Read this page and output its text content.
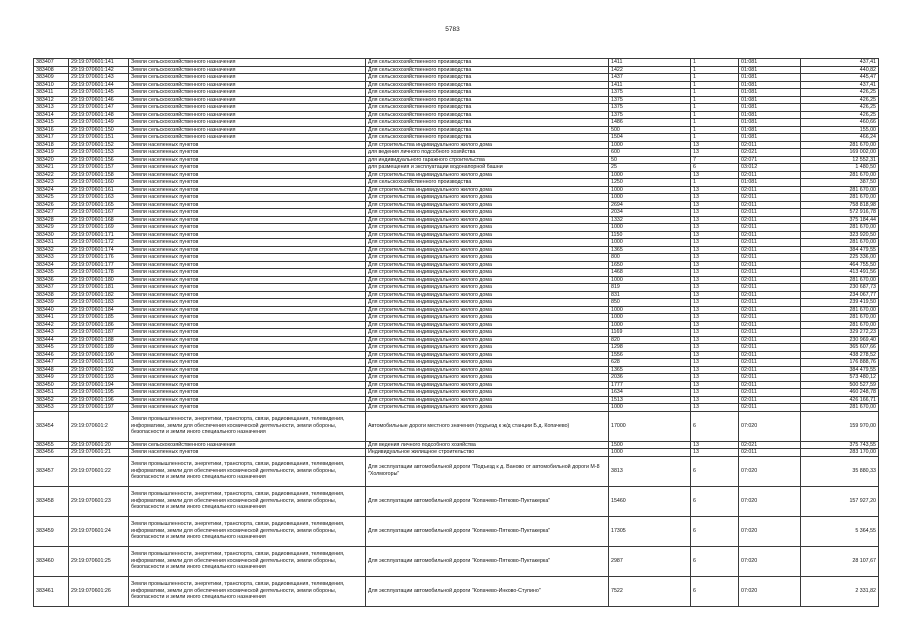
5783
383407	29:19:070601:141	Земли сельскохозяйственного назначения	Для сельскохозяйственного производства	1411	1	01:081	437,41
383408	29:19:070601:142	Земли сельскохозяйственного назначения	Для сельскохозяйственного производства	1422	1	01:081	440,82
383409	29:19:070601:143	Земли сельскохозяйственного назначения	Для сельскохозяйственного производства	1437	1	01:081	445,47
383410	29:19:070601:144	Земли сельскохозяйственного назначения	Для сельскохозяйственного производства	1411	1	01:081	437,41
383411	29:19:070601:145	Земли сельскохозяйственного назначения	Для сельскохозяйственного производства	1375	1	01:081	426,25
383412	29:19:070601:146	Земли сельскохозяйственного назначения	Для сельскохозяйственного производства	1375	1	01:081	426,25
383413	29:19:070601:147	Земли сельскохозяйственного назначения	Для сельскохозяйственного производства	1375	1	01:081	426,25
383414	29:19:070601:148	Земли сельскохозяйственного назначения	Для сельскохозяйственного производства	1375	1	01:081	426,25
383415	29:19:070601:149	Земли сельскохозяйственного назначения	Для сельскохозяйственного производства	1486	1	01:081	460,66
383416	29:19:070601:150	Земли сельскохозяйственного назначения	Для сельскохозяйственного производства	500	1	01:081	155,00
383417	29:19:070601:151	Земли сельскохозяйственного назначения	Для сельскохозяйственного производства	1504	1	01:081	466,24
383418	29:19:070601:152	Земли населенных пунктов	Для строительства индивидуального жилого дома	1000	13	02:011	281 670,00
383419	29:19:070601:153	Земли населенных пунктов	для ведения личного подсобного хозяйства	600	13	02:021	169 002,00
383420	29:19:070601:156	Земли населенных пунктов	для индивидуального гаражного строительства	50	7	02:071	12 552,31
383421	29:19:070601:157	Земли населенных пунктов	для размещения и эксплуатации водонапорной башни	25	6	03:012	1 480,50
383422	29:19:070601:158	Земли населенных пунктов	Для строительства индивидуального жилого дома	1000	13	02:011	281 670,00
383423	29:19:070601:160	Земли населенных пунктов	Для сельскохозяйственного производства	1250	1	01:081	387,50
383424	29:19:070601:161	Земли населенных пунктов	Для строительства индивидуального жилого дома	1000	13	02:011	281 670,00
383425	29:19:070601:163	Земли населенных пунктов	Для строительства индивидуального жилого дома	1000	13	02:011	281 670,00
383426	29:19:070601:165	Земли населенных пунктов	Для строительства индивидуального жилого дома	2694	13	02:011	758 818,98
383427	29:19:070601:167	Земли населенных пунктов	Для строительства индивидуального жилого дома	2034	13	02:011	572 916,78
383428	29:19:070601:168	Земли населенных пунктов	Для строительства индивидуального жилого дома	1332	13	02:011	375 184,44
383429	29:19:070601:169	Земли населенных пунктов	Для строительства индивидуального жилого дома	1000	13	02:011	281 670,00
383430	29:19:070601:171	Земли населенных пунктов	Для строительства индивидуального жилого дома	1150	13	02:011	323 920,50
383431	29:19:070601:172	Земли населенных пунктов	Для строительства индивидуального жилого дома	1000	13	02:011	281 670,00
383432	29:19:070601:174	Земли населенных пунктов	Для строительства индивидуального жилого дома	1365	13	02:011	384 479,55
383433	29:19:070601:176	Земли населенных пунктов	Для строительства индивидуального жилого дома	800	13	02:011	225 336,00
383434	29:19:070601:177	Земли населенных пунктов	Для строительства индивидуального жилого дома	1650	13	02:011	464 755,50
383435	29:19:070601:178	Земли населенных пунктов	Для строительства индивидуального жилого дома	1468	13	02:011	413 491,56
383436	29:19:070601:180	Земли населенных пунктов	Для строительства индивидуального жилого дома	1000	13	02:011	281 670,00
383437	29:19:070601:181	Земли населенных пунктов	Для строительства индивидуального жилого дома	819	13	02:011	230 687,73
383438	29:19:070601:182	Земли населенных пунктов	Для строительства индивидуального жилого дома	831	13	02:011	234 067,77
383439	29:19:070601:183	Земли населенных пунктов	Для строительства индивидуального жилого дома	850	13	02:011	239 419,50
383440	29:19:070601:184	Земли населенных пунктов	Для строительства индивидуального жилого дома	1000	13	02:011	281 670,00
383441	29:19:070601:185	Земли населенных пунктов	Для строительства индивидуального жилого дома	1000	13	02:011	281 670,00
383442	29:19:070601:186	Земли населенных пунктов	Для строительства индивидуального жилого дома	1000	13	02:011	281 670,00
383443	29:19:070601:187	Земли населенных пунктов	Для строительства индивидуального жилого дома	1169	13	02:011	329 272,23
383444	29:19:070601:188	Земли населенных пунктов	Для строительства индивидуального жилого дома	820	13	02:011	230 969,40
383445	29:19:070601:189	Земли населенных пунктов	Для строительства индивидуального жилого дома	1298	13	02:011	365 607,66
383446	29:19:070601:190	Земли населенных пунктов	Для строительства индивидуального жилого дома	1556	13	02:011	438 278,52
383447	29:19:070601:191	Земли населенных пунктов	Для строительства индивидуального жилого дома	628	13	02:011	176 888,76
383448	29:19:070601:192	Земли населенных пунктов	Для строительства индивидуального жилого дома	1365	13	02:011	384 479,55
383449	29:19:070601:193	Земли населенных пунктов	Для строительства индивидуального жилого дома	2036	13	02:011	573 480,12
383450	29:19:070601:194	Земли населенных пунктов	Для строительства индивидуального жилого дома	1777	13	02:011	500 527,59
383451	29:19:070601:195	Земли населенных пунктов	Для строительства индивидуального жилого дома	1634	13	02:011	460 248,78
383452	29:19:070601:196	Земли населенных пунктов	Для строительства индивидуального жилого дома	1513	13	02:011	426 166,71
383453	29:19:070601:197	Земли населенных пунктов	Для строительства индивидуального жилого дома	1000	13	02:011	281 670,00
383454	29:19:070601:2	Земли промышленности, энергетики, транспорта, связи, радиовещания, телевидения, информатики, земли для обеспечения космической деятельности, земли обороны, безопасности и земли иного специального назначения	Автомобильные дороги местного значения (подъезд к ж/д станции Б.д. Копачево)	17000	6	07:020	159 970,00
383455	29:19:070601:20	Земли сельскохозяйственного назначения	Для ведения личного подсобного хозяйства	1500	13	02:021	375 743,55
383456	29:19:070601:21	Земли населенных пунктов	Индивидуальное жилищное строительство	1000	13	02:011	283 170,00
383457	29:19:070601:22	Земли промышленности, энергетики, транспорта, связи, радиовещания, телевидения, информатики, земли для обеспечения космической деятельности, земли обороны, безопасности и земли иного специального назначения	Для эксплуатации автомобильной дороги "Подъезд к д. Ваново от автомобильной дороги М-8 "Холмогоры"	3813	6	07:020	35 880,33
383458	29:19:070601:23	Земли промышленности, энергетики, транспорта, связи, радиовещания, телевидения, информатики, земли для обеспечения космической деятельности, земли обороны, безопасности и земли иного специального назначения	Для эксплуатации автомобильной дороги "Копачево-Пятково-Пуктакерка"	15460	6	07:020	157 927,20
383459	29:19:070601:24	Земли промышленности, энергетики, транспорта, связи, радиовещания, телевидения, информатики, земли для обеспечения космической деятельности, земли обороны, безопасности и земли иного специального назначения	Для эксплуатации автомобильной дороги "Копачево-Пятково-Пуктакерка"	17305	6	07:020	5 364,55
383460	29:19:070601:25	Земли промышленности, энергетики, транспорта, связи, радиовещания, телевидения, информатики, земли для обеспечения космической деятельности, земли обороны, безопасности и земли иного специального назначения	Для эксплуатации автомобильной дороги "Копачево-Пятково-Пуктакерка"	2987	6	07:020	28 107,67
383461	29:19:070601:26	Земли промышленности, энергетики, транспорта, связи, радиовещания, телевидения, информатики, земли для обеспечения космической деятельности, земли обороны, безопасности и земли иного специального назначения	Для эксплуатации автомобильной дороги "Копачево-Инково-Ступино"	7522	6	07:020	2 331,82
